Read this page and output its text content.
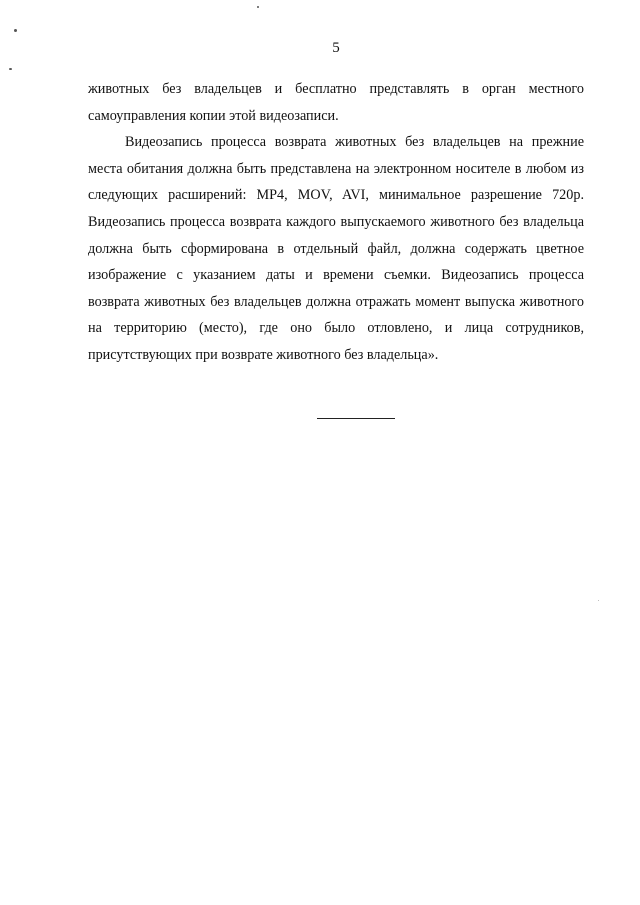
5
животных без владельцев и бесплатно представлять в орган местного
самоуправления копии этой видеозаписи.
Видеозапись процесса возврата животных без владельцев на прежние
места обитания должна быть представлена на электронном носителе в любом из
следующих расширений: MP4, MOV, AVI, минимальное разрешение 720р.
Видеозапись процесса возврата каждого выпускаемого животного без владельца
должна быть сформирована в отдельный файл, должна содержать цветное
изображение с указанием даты и времени съемки. Видеозапись процесса
возврата животных без владельцев должна отражать момент выпуска животного
на территорию (место), где оно было отловлено, и лица сотрудников,
присутствующих при возврате животного без владельца».
